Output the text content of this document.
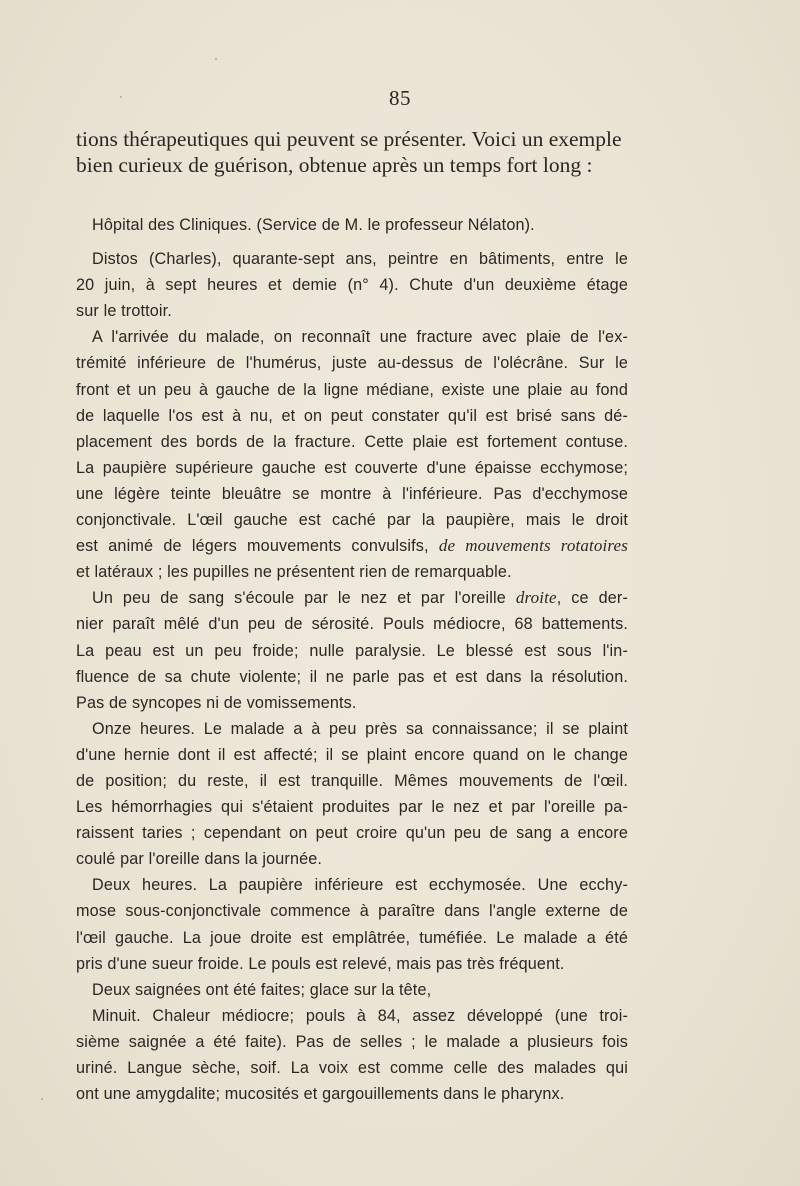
85
tions thérapeutiques qui peuvent se présenter. Voici un exemple
bien curieux de guérison, obtenue après un temps fort long :
Hôpital des Cliniques. (Service de M. le professeur Nélaton).
Distos (Charles), quarante-sept ans, peintre en bâtiments, entre le
20 juin, à sept heures et demie (n° 4). Chute d'un deuxième étage
sur le trottoir.
A l'arrivée du malade, on reconnaît une fracture avec plaie de l'ex-
trémité inférieure de l'humérus, juste au-dessus de l'olécrâne. Sur le
front et un peu à gauche de la ligne médiane, existe une plaie au fond
de laquelle l'os est à nu, et on peut constater qu'il est brisé sans dé-
placement des bords de la fracture. Cette plaie est fortement contuse.
La paupière supérieure gauche est couverte d'une épaisse ecchymose;
une légère teinte bleuâtre se montre à l'inférieure. Pas d'ecchymose
conjonctivale. L'œil gauche est caché par la paupière, mais le droit
est animé de légers mouvements convulsifs, de mouvements rotatoires
et latéraux ; les pupilles ne présentent rien de remarquable.
Un peu de sang s'écoule par le nez et par l'oreille droite, ce der-
nier paraît mêlé d'un peu de sérosité. Pouls médiocre, 68 battements.
La peau est un peu froide; nulle paralysie. Le blessé est sous l'in-
fluence de sa chute violente; il ne parle pas et est dans la résolution.
Pas de syncopes ni de vomissements.
Onze heures. Le malade a à peu près sa connaissance; il se plaint
d'une hernie dont il est affecté; il se plaint encore quand on le change
de position; du reste, il est tranquille. Mêmes mouvements de l'œil.
Les hémorrhagies qui s'étaient produites par le nez et par l'oreille pa-
raissent taries ; cependant on peut croire qu'un peu de sang a encore
coulé par l'oreille dans la journée.
Deux heures. La paupière inférieure est ecchymosée. Une ecchy-
mose sous-conjonctivale commence à paraître dans l'angle externe de
l'œil gauche. La joue droite est emplâtrée, tuméfiée. Le malade a été
pris d'une sueur froide. Le pouls est relevé, mais pas très fréquent.
Deux saignées ont été faites; glace sur la tête,
Minuit. Chaleur médiocre; pouls à 84, assez développé (une troi-
sième saignée a été faite). Pas de selles ; le malade a plusieurs fois
uriné. Langue sèche, soif. La voix est comme celle des malades qui
ont une amygdalite; mucosités et gargouillements dans le pharynx.
